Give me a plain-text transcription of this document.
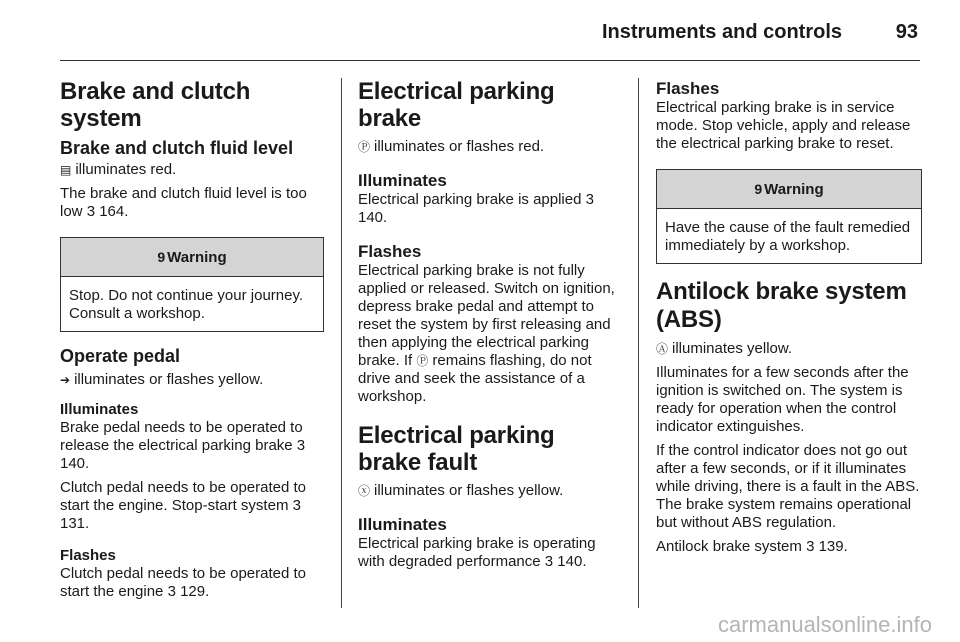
Instruments and controls	93
Brake and clutch system
Brake and clutch fluid level

▤ illuminates red.

The brake and clutch fluid level is too low 3 164.

9 Warning
Stop. Do not continue your journey. Consult a workshop.
Operate pedal

➔ illuminates or flashes yellow.

Illuminates

Brake pedal needs to be operated to release the electrical parking brake 3 140.

Clutch pedal needs to be operated to start the engine. Stop-start system 3 131.

Flashes

Clutch pedal needs to be operated to start the engine 3 129.

Electrical parking brake

Ⓟ illuminates or flashes red.

Illuminates

Electrical parking brake is applied 3 140.

Flashes

Electrical parking brake is not fully applied or released. Switch on ignition, depress brake pedal and attempt to reset the system by first releasing and then applying the electrical parking brake. If Ⓟ remains flashing, do not drive and seek the assistance of a workshop.

Electrical parking brake fault

ⓧ illuminates or flashes yellow.

Illuminates

Electrical parking brake is operating with degraded performance 3 140.

Flashes

Electrical parking brake is in service mode. Stop vehicle, apply and release the electrical parking brake to reset.

9 Warning
Have the cause of the fault remedied immediately by a workshop.
Antilock brake system (ABS)

Ⓐ illuminates yellow.

Illuminates for a few seconds after the ignition is switched on. The system is ready for operation when the control indicator extinguishes.

If the control indicator does not go out after a few seconds, or if it illuminates while driving, there is a fault in the ABS. The brake system remains operational but without ABS regulation.

Antilock brake system 3 139.

carmanualsonline.info
